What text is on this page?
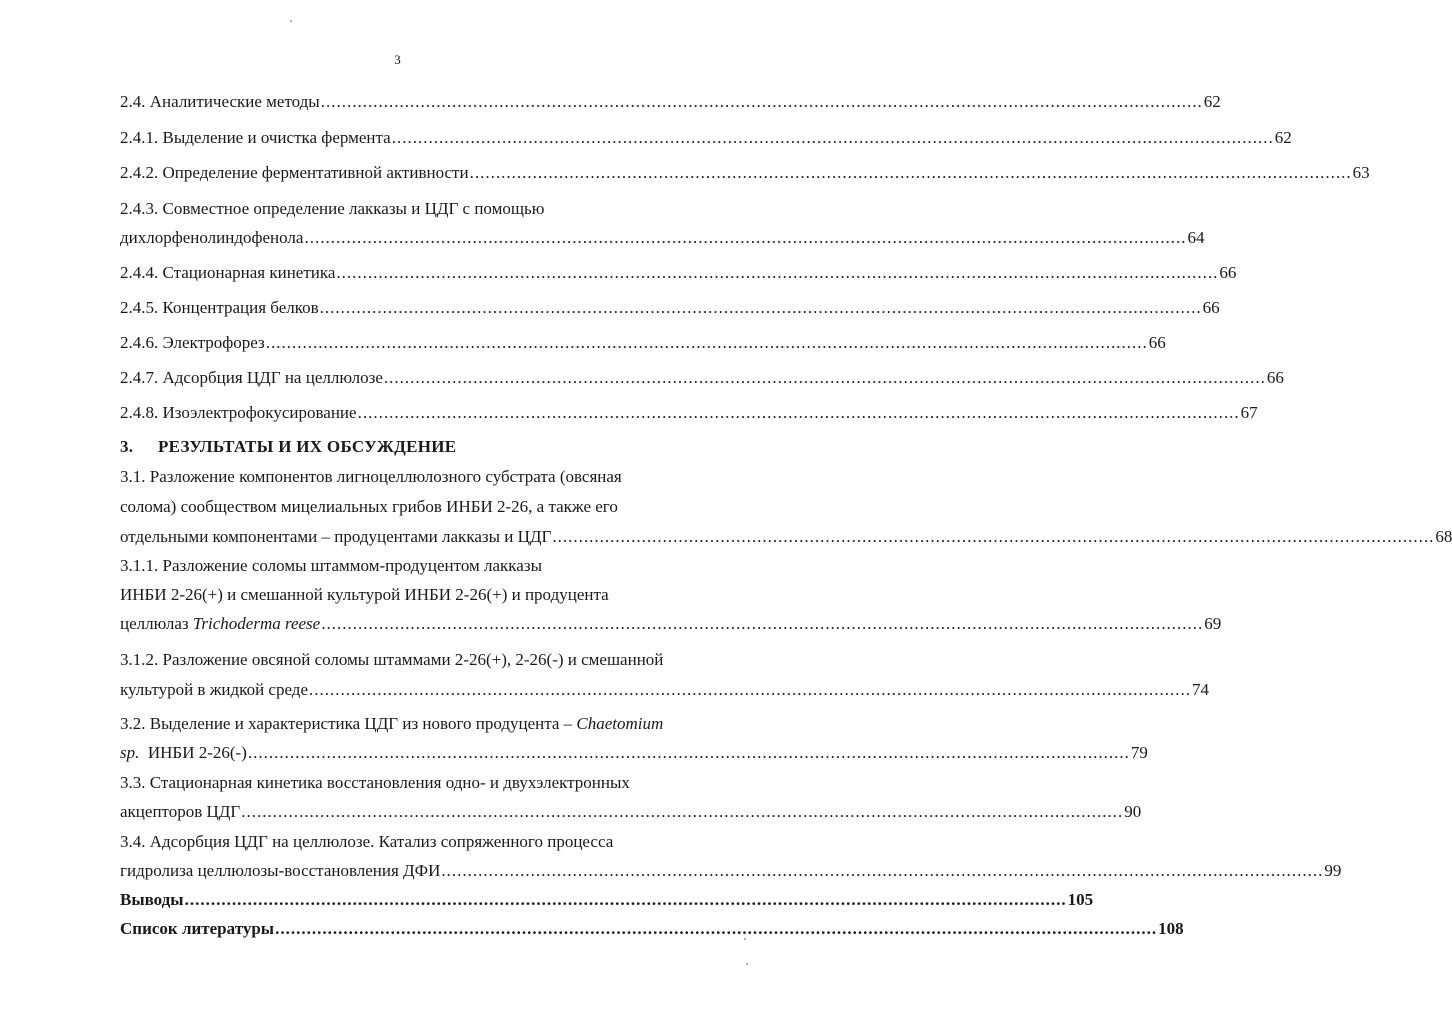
3
2.4. Аналитические методы ........................................................................................................................................................................ 62
2.4.1. Выделение и очистка фермента ........................................................................................................................................................................ 62
2.4.2. Определение ферментативной активности ........................................................................................................................................................................ 63
2.4.3. Совместное определение лакказы и ЦДГ с помощью
дихлорфенолиндофенола ........................................................................................................................................................................ 64
2.4.4. Стационарная кинетика ........................................................................................................................................................................ 66
2.4.5. Концентрация белков ........................................................................................................................................................................ 66
2.4.6. Электрофорез ........................................................................................................................................................................ 66
2.4.7. Адсорбция ЦДГ на целлюлозе ........................................................................................................................................................................ 66
2.4.8. Изоэлектрофокусирование ........................................................................................................................................................................ 67
3. РЕЗУЛЬТАТЫ И ИХ ОБСУЖДЕНИЕ
3.1. Разложение компонентов лигноцеллюлозного субстрата (овсяная
солома) сообществом мицелиальных грибов ИНБИ 2-26, а также его
отдельными компонентами – продуцентами лакказы и ЦДГ ........................................................................................................................................................................ 68
3.1.1. Разложение соломы штаммом-продуцентом лакказы
ИНБИ 2-26(+) и смешанной культурой ИНБИ 2-26(+) и продуцента
целлюлаз Trichoderma reese ........................................................................................................................................................................ 69
3.1.2. Разложение овсяной соломы штаммами 2-26(+), 2-26(-) и смешанной
культурой в жидкой среде ........................................................................................................................................................................ 74
3.2. Выделение и характеристика ЦДГ из нового продуцента – Chaetomium
sp.  ИНБИ 2-26(-) ........................................................................................................................................................................ 79
3.3. Стационарная кинетика восстановления одно- и двухэлектронных
акцепторов ЦДГ ........................................................................................................................................................................ 90
3.4. Адсорбция ЦДГ на целлюлозе. Катализ сопряженного процесса
гидролиза целлюлозы-восстановления ДФИ ........................................................................................................................................................................ 99
Выводы ........................................................................................................................................................................ 105
Список литературы ........................................................................................................................................................................ 108
